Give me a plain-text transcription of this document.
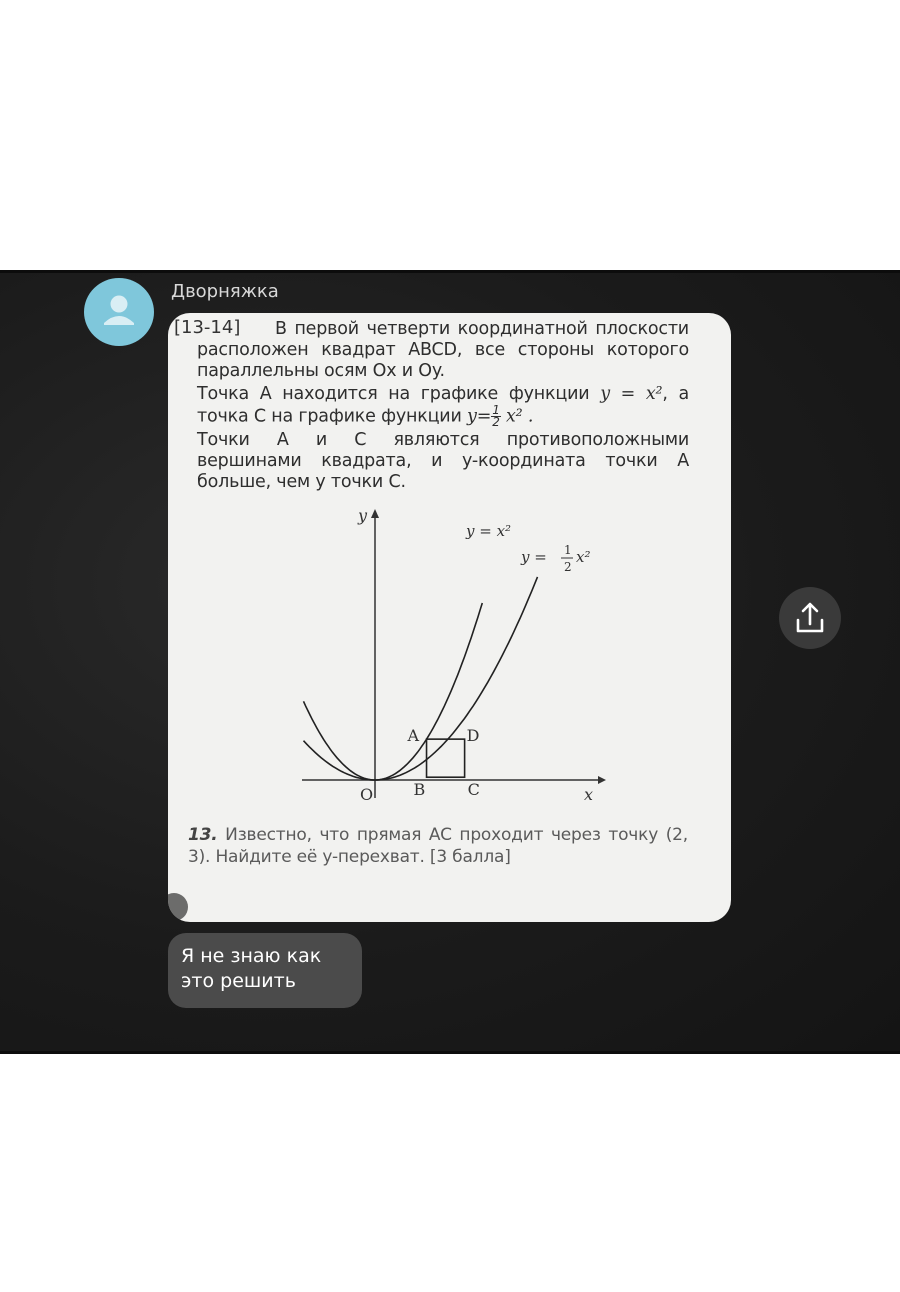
Дворняжка
[13-14]	В первой четверти координатной плоскости расположен квадрат ABCD, все стороны которого параллельны осям Ox и Oy.
Точка A находится на графике функции y = x², а точка C на графике функции $y= \frac{1}{2} x^2$ .
Точки A и C являются противоположными вершинами квадрата, и y-координата точки A больше, чем у точки C.
A
B	C
D
O	x
y
y = x²
y = 1
2
x²
13. Известно, что прямая AC проходит через точку (2, 3). Найдите её y-перехват. [3 балла]
Я не знаю как это решить
